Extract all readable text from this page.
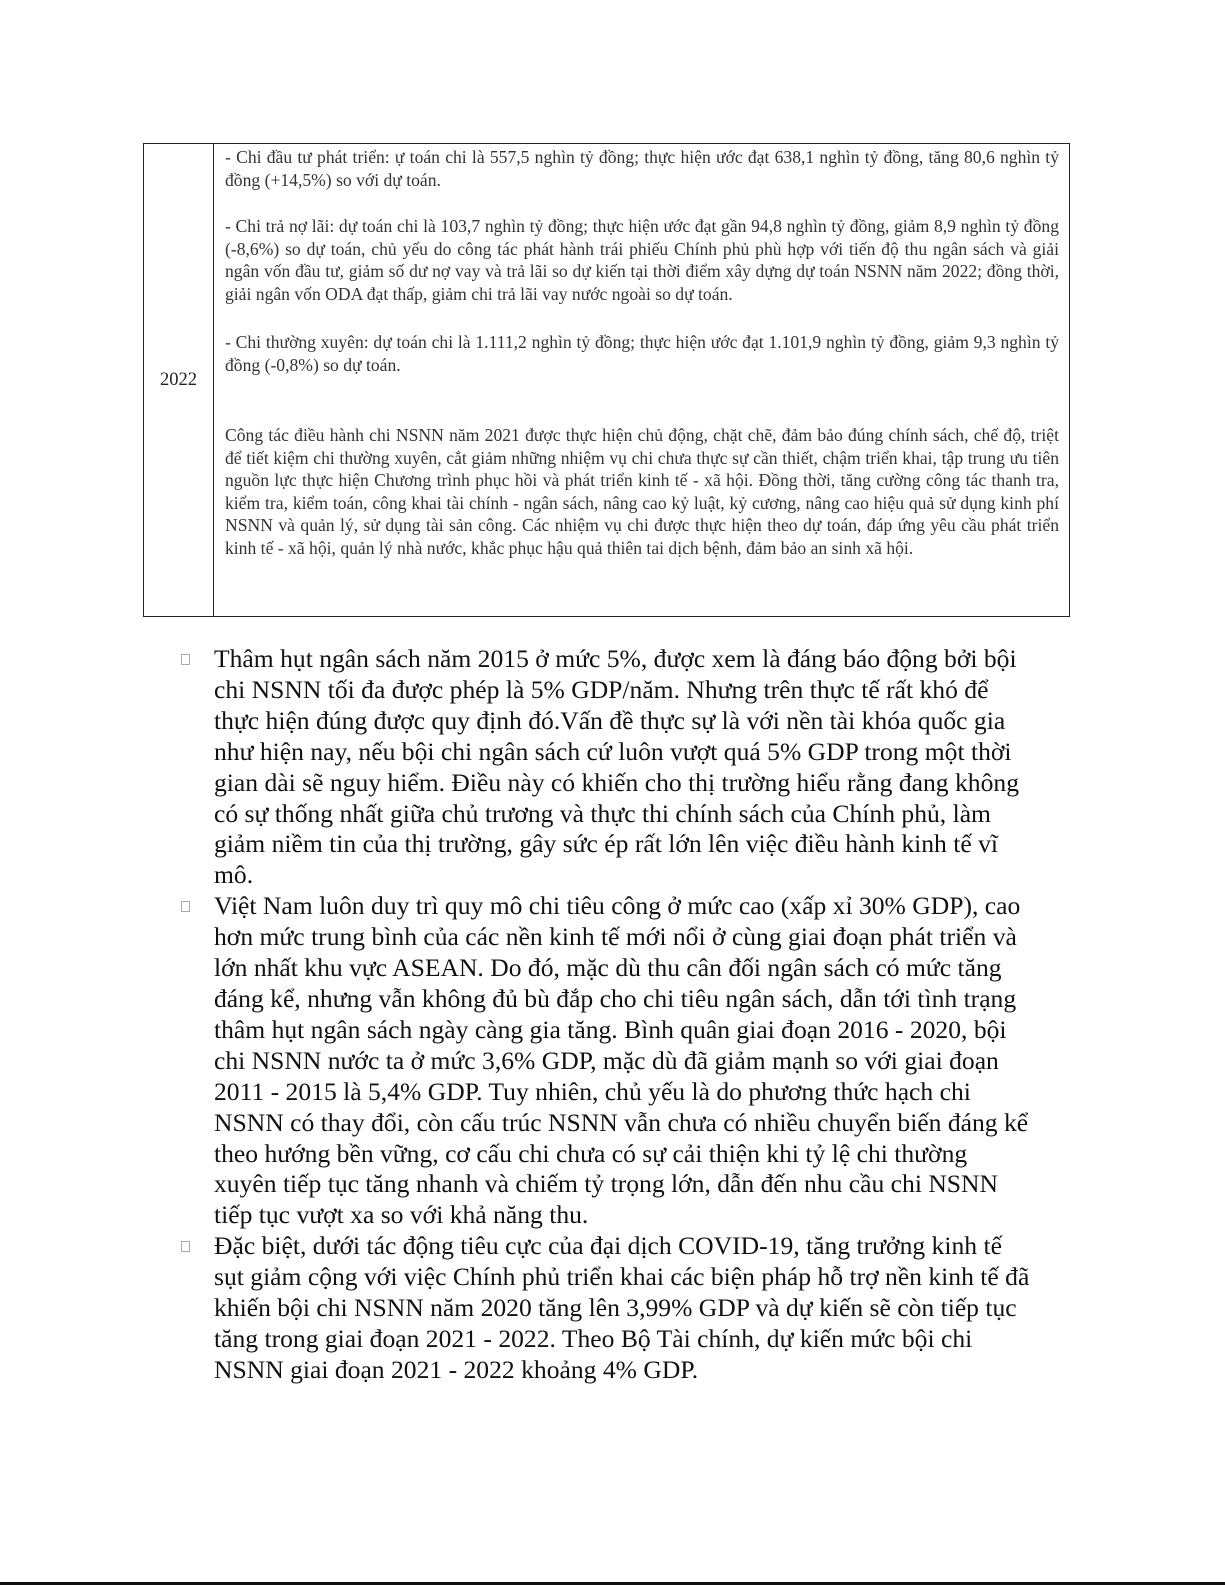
2022

- Chi đầu tư phát triển: ự toán chi là 557,5 nghìn tỷ đồng; thực hiện ước đạt 638,1 nghìn tỷ đồng, tăng 80,6 nghìn tỷ đồng (+14,5%) so với dự toán.

- Chi trả nợ lãi: dự toán chi là 103,7 nghìn tỷ đồng; thực hiện ước đạt gần 94,8 nghìn tỷ đồng, giảm 8,9 nghìn tỷ đồng (-8,6%) so dự toán, chủ yếu do công tác phát hành trái phiếu Chính phủ phù hợp với tiến độ thu ngân sách và giải ngân vốn đầu tư, giảm số dư nợ vay và trả lãi so dự kiến tại thời điểm xây dựng dự toán NSNN năm 2022; đồng thời, giải ngân vốn ODA đạt thấp, giảm chi trả lãi vay nước ngoài so dự toán.

- Chi thường xuyên: dự toán chi là 1.111,2 nghìn tỷ đồng; thực hiện ước đạt 1.101,9 nghìn tỷ đồng, giảm 9,3 nghìn tỷ đồng (-0,8%) so dự toán.

Công tác điều hành chi NSNN năm 2021 được thực hiện chủ động, chặt chẽ, đảm bảo đúng chính sách, chế độ, triệt để tiết kiệm chi thường xuyên, cắt giảm những nhiệm vụ chi chưa thực sự cần thiết, chậm triển khai, tập trung ưu tiên nguồn lực thực hiện Chương trình phục hồi và phát triển kinh tế - xã hội. Đồng thời, tăng cường công tác thanh tra, kiểm tra, kiểm toán, công khai tài chính - ngân sách, nâng cao kỷ luật, kỷ cương, nâng cao hiệu quả sử dụng kinh phí NSNN và quản lý, sử dụng tài sản công. Các nhiệm vụ chi được thực hiện theo dự toán, đáp ứng yêu cầu phát triển kinh tế - xã hội, quản lý nhà nước, khắc phục hậu quả thiên tai dịch bệnh, đảm bảo an sinh xã hội.

Thâm hụt ngân sách năm 2015 ở mức 5%, được xem là đáng báo động bởi bội
chi NSNN tối đa được phép là 5% GDP/năm. Nhưng trên thực tế rất khó để
thực hiện đúng được quy định đó.Vấn đề thực sự là với nền tài khóa quốc gia
như hiện nay, nếu bội chi ngân sách cứ luôn vượt quá 5% GDP trong một thời
gian dài sẽ nguy hiểm. Điều này có khiến cho thị trường hiểu rằng đang không
có sự thống nhất giữa chủ trương và thực thi chính sách của Chính phủ, làm
giảm niềm tin của thị trường, gây sức ép rất lớn lên việc điều hành kinh tế vĩ
mô.
Việt Nam luôn duy trì quy mô chi tiêu công ở mức cao (xấp xỉ 30% GDP), cao
hơn mức trung bình của các nền kinh tế mới nổi ở cùng giai đoạn phát triển và
lớn nhất khu vực ASEAN. Do đó, mặc dù thu cân đối ngân sách có mức tăng
đáng kể, nhưng vẫn không đủ bù đắp cho chi tiêu ngân sách, dẫn tới tình trạng
thâm hụt ngân sách ngày càng gia tăng. Bình quân giai đoạn 2016 - 2020, bội
chi NSNN nước ta ở mức 3,6% GDP, mặc dù đã giảm mạnh so với giai đoạn
2011 - 2015 là 5,4% GDP. Tuy nhiên, chủ yếu là do phương thức hạch chi
NSNN có thay đổi, còn cấu trúc NSNN vẫn chưa có nhiều chuyển biến đáng kể
theo hướng bền vững, cơ cấu chi chưa có sự cải thiện khi tỷ lệ chi thường
xuyên tiếp tục tăng nhanh và chiếm tỷ trọng lớn, dẫn đến nhu cầu chi NSNN
tiếp tục vượt xa so với khả năng thu.
Đặc biệt, dưới tác động tiêu cực của đại dịch COVID-19, tăng trưởng kinh tế
sụt giảm cộng với việc Chính phủ triển khai các biện pháp hỗ trợ nền kinh tế đã
khiến bội chi NSNN năm 2020 tăng lên 3,99% GDP và dự kiến sẽ còn tiếp tục
tăng trong giai đoạn 2021 - 2022. Theo Bộ Tài chính, dự kiến mức bội chi
NSNN giai đoạn 2021 - 2022 khoảng 4% GDP.
